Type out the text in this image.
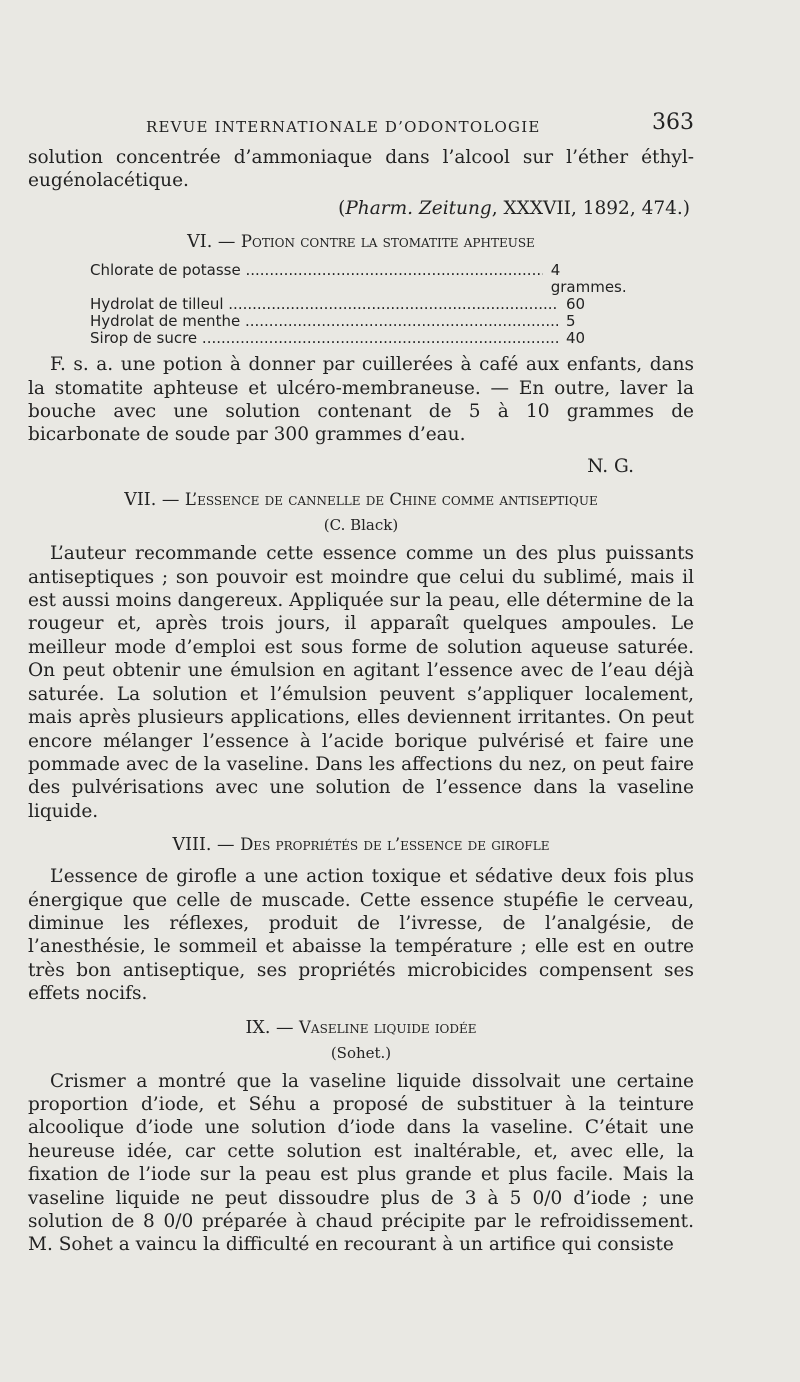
REVUE INTERNATIONALE D’ODONTOLOGIE	363

solution concentrée d’ammoniaque dans l’alcool sur l’éther éthyl-eugénolacétique.

(Pharm. Zeitung, XXXVII, 1892, 474.)

VI. — Potion contre la stomatite aphteuse
Chlorate de potasse .....	4 grammes.
Hydrolat de tilleul .....	60
Hydrolat de menthe .....	5
Sirop de sucre .....	40

F. s. a. une potion à donner par cuillerées à café aux enfants, dans la stomatite aphteuse et ulcéro-membraneuse. — En outre, laver la bouche avec une solution contenant de 5 à 10 grammes de bicarbonate de soude par 300 grammes d’eau.

N. G.

VII. — L’essence de cannelle de Chine comme antiseptique
(C. Black)

L’auteur recommande cette essence comme un des plus puissants antiseptiques ; son pouvoir est moindre que celui du sublimé, mais il est aussi moins dangereux. Appliquée sur la peau, elle détermine de la rougeur et, après trois jours, il apparaît quelques ampoules. Le meilleur mode d’emploi est sous forme de solution aqueuse saturée. On peut obtenir une émulsion en agitant l’essence avec de l’eau déjà saturée. La solution et l’émulsion peuvent s’appliquer localement, mais après plusieurs applications, elles deviennent irritantes. On peut encore mélanger l’essence à l’acide borique pulvérisé et faire une pommade avec de la vaseline. Dans les affections du nez, on peut faire des pulvérisations avec une solution de l’essence dans la vaseline liquide.

VIII. — Des propriétés de l’essence de girofle

L’essence de girofle a une action toxique et sédative deux fois plus énergique que celle de muscade. Cette essence stupéfie le cerveau, diminue les réflexes, produit de l’ivresse, de l’analgésie, de l’anesthésie, le sommeil et abaisse la température ; elle est en outre très bon antiseptique, ses propriétés microbicides compensent ses effets nocifs.

IX. — Vaseline liquide iodée
(Sohet.)

Crismer a montré que la vaseline liquide dissolvait une certaine proportion d’iode, et Séhu a proposé de substituer à la teinture alcoolique d’iode une solution d’iode dans la vaseline. C’était une heureuse idée, car cette solution est inaltérable, et, avec elle, la fixation de l’iode sur la peau est plus grande et plus facile. Mais la vaseline liquide ne peut dissoudre plus de 3 à 5 0/0 d’iode ; une solution de 8 0/0 préparée à chaud précipite par le refroidissement. M. Sohet a vaincu la difficulté en recourant à un artifice qui consiste
